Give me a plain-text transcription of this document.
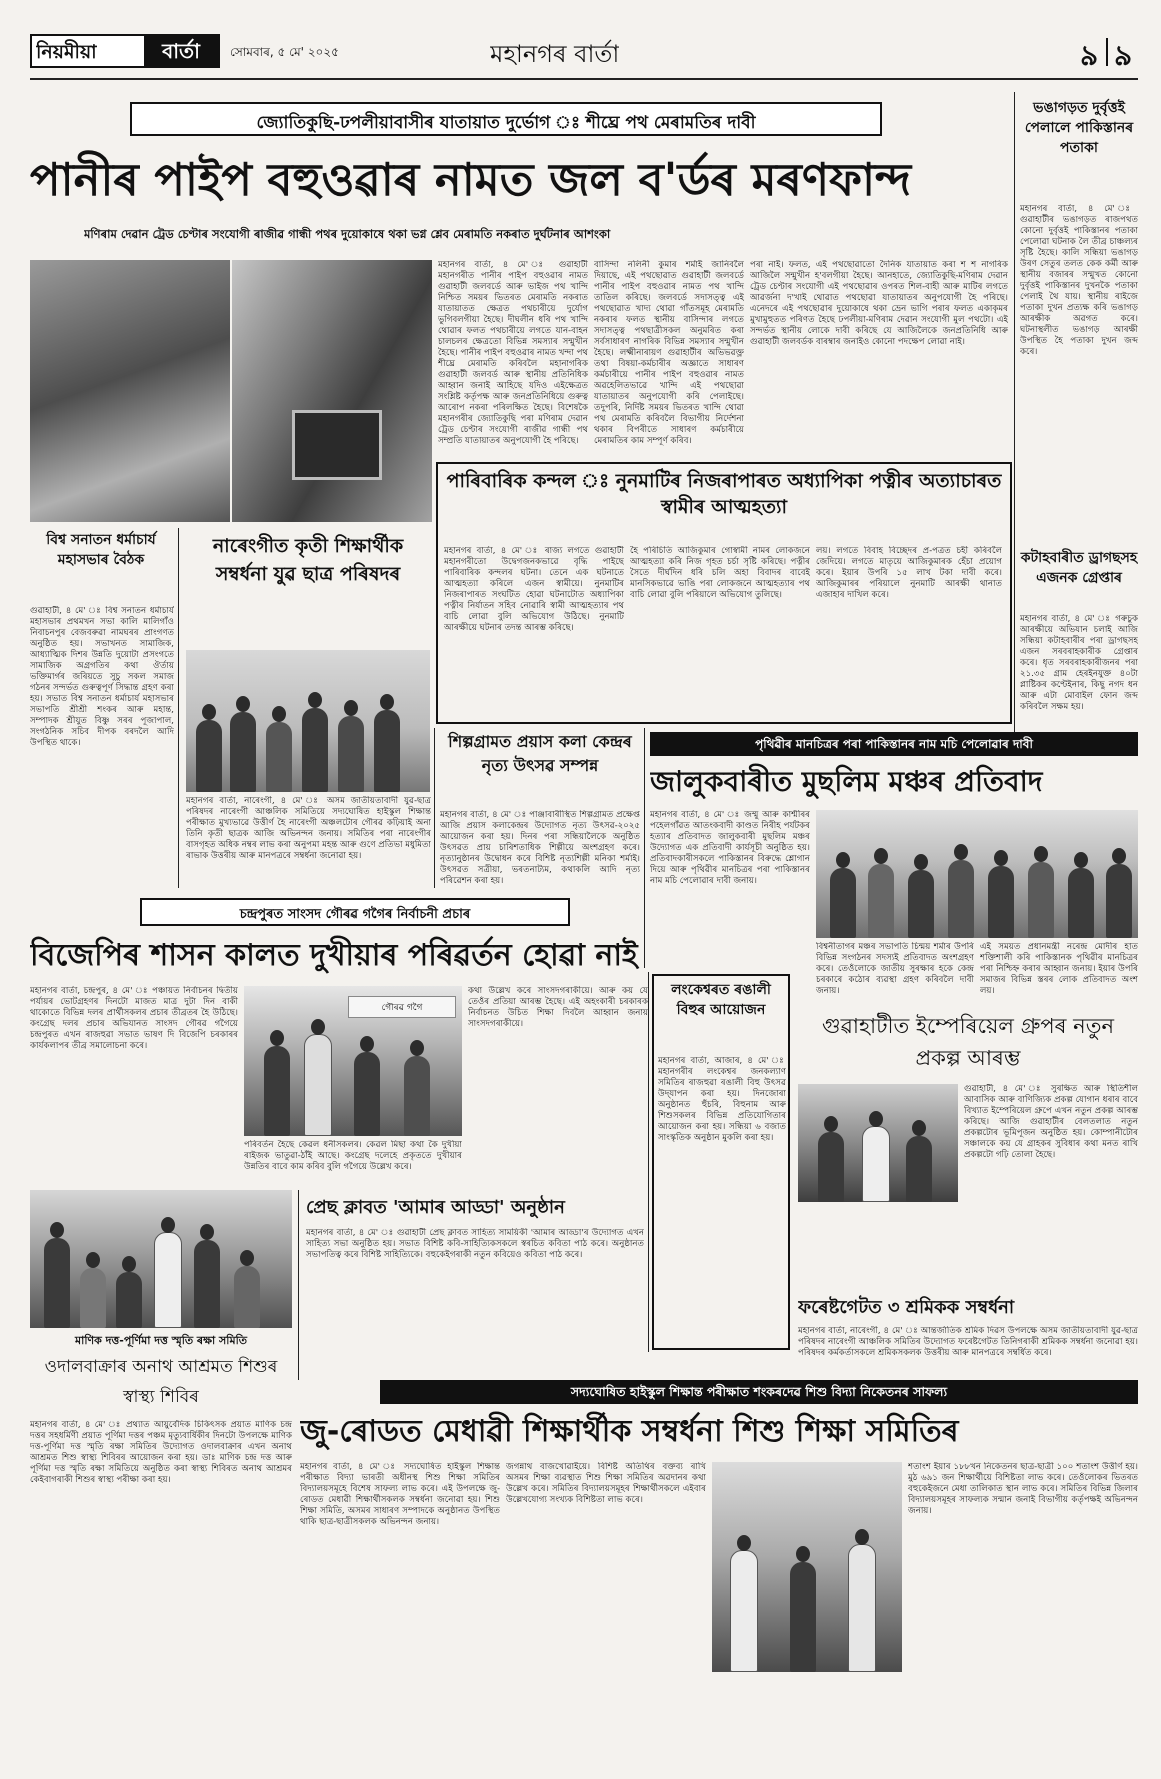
নিয়মীয়া	বাৰ্তা	সোমবাৰ, ৫ মে' ২০২৫	মহানগৰ বাৰ্তা	৯ ৯
জ্যোতিকুছি-ঢপলীয়াবাসীৰ যাতায়াত দুৰ্ভোগ ঃ শীঘ্ৰে পথ মেৰামতিৰ দাবী
পানীৰ পাইপ বহুওৱাৰ নামত জল ব'ৰ্ডৰ মৰণফান্দ
মণিৰাম দেৱান ট্ৰেড চেণ্টাৰ সংযোগী ৰাজীৱ গান্ধী পথৰ দুয়োকাষে থকা ভগ্ন শ্লেব মেৰামতি নকৰাত দুৰ্ঘটনাৰ আশংকা
মহানগৰ বাৰ্তা, ৪ মে' ঃ গুৱাহাটী মহানগৰীত পানীৰ পাইপ বহুওৱাৰ নামত গুৱাহাটী জলবৰ্ডে আৰু ভাইজ পথ খান্দি নিশ্চিত সময়ৰ ভিতৰত মেৰামতি নকৰাত যাতায়াতত ক্ষেত্ৰত পথচাৰীয়ে দুৰ্যোগ ভুগিবলগীয়া হৈছে। দীঘলীন ধৰি পথ খান্দি থোৱাৰ ফলত পথচাৰীয়ে লগতে যান-বাহন চালচলৰ ক্ষেত্ৰতো বিভিন্ন সমস্যাৰ সন্মুখীন হৈছে। পানীৰ পাইপ বহুওৱাৰ নামত খন্দা পথ শীঘ্ৰে মেৰামতি কৰিবলৈ মহানাগৰিক গুৱাহাটী জলবৰ্ড আৰু স্থানীয় প্ৰতিনিধিক আহ্বান জনাই আহিছে যদিও এইক্ষেত্ৰত সংশ্লিষ্ট কৰ্তৃপক্ষ আৰু জনপ্ৰতিনিধিয়ে গুৰুত্ব আৰোপ নকৰা পৰিলক্ষিত হৈছে। বিশেষকৈ মহানগৰীৰ জ্যোতিকুছি পৰা মণিৰাম দেৱান ট্ৰেড চেণ্টাৰ সংযোগী ৰাজীৱ গান্ধী পথ সম্প্ৰতি যাতায়াতৰ অনুপযোগী হৈ পৰিছে।
বাসিন্দা নলিনী কুমাৰ শৰ্মাই জানিবলৈ দিয়াছে, এই পথছোৱাত গুৱাহাটী জলবৰ্ডে পানীৰ পাইপ বহুওৱাৰ নামত পথ খান্দি তাতিল কৰিছে। জলবৰ্ডে সদাসত্ত্ব এই পথছোৱাত খাদ্য থোৱা গাঁতসমূহ মেৰামতি নকৰাৰ ফলত স্থানীয় বাসিন্দাৰ লগতে সদাসত্ত্ব পথছাত্ৰীসকল অনুমৰিত কৰা সৰ্বসাধাৰণ নাগৰিক বিভিন্ন সমস্যাৰ সন্মুখীন হৈছে। লক্ষ্মীনাৰায়ণ গুৱাহাটীৰ অভিভৱক্ত্ৰ তথা বিষয়া-কৰ্মচাৰীৰ অজ্ঞাতে সাধাৰণ কৰ্মচাৰীয়ে পানীৰ পাইপ বহুওৱাৰ নামত অৱহেলিতভাৱে খান্দি এই পথছোৱা যাতায়াতৰ অনুপযোগী কৰি পেলাইছে। তদুপৰি, নিৰ্দিষ্ট সময়ৰ ভিতৰত খান্দি থোৱা পথ মেৰামতি কৰিবলৈ বিভাগীয় নিৰ্দেশনা থকাৰ বিপৰীতে সাধাৰণ কৰ্মচাৰীয়ে মেৰামতিৰ কাম সম্পূৰ্ণ কৰিব।
পৰা নাই। ফলত, এই পথছোৱাতো দৈনিক যাতায়াত কৰা শ শ নাগৰিক আজিলৈ সন্মুখীন হ'বলগীয়া হৈছে। আনহাতে, জ্যোতিকুছি-মণিৰাম দেৱান ট্ৰেড চেণ্টাৰ সংযোগী এই পথছোৱাৰ ওপৰত শিল-বাহী আৰু মাটিৰ লগতে আৱৰ্জনা দ'খাই থোৱাত পথছোৱা যাতায়াতৰ অনুপযোগী হৈ পৰিছে। এনেদৰে এই পথছোৱাৰ দুয়োকাষে থকা ভ্ৰেন ভাগি পৰাৰ ফলত একাকৃমৰ মুখামুহুতত পৰিণত হৈছে ঢপলীয়া-মণিৰাম দেৱান সংযোগী মুল পথটো। এই সন্দৰ্ভত স্থানীয় লোকে দাবী কৰিছে যে আজিলৈকে জনপ্ৰতিনিধি আৰু গুৱাহাটী জলবৰ্ডক বাৰম্বাৰ জনাইও কোনো পদক্ষেপ লোৱা নাই।
ভঙাগড়ত দুৰ্বৃত্তই পেলালে পাকিস্তানৰ পতাকা
মহানগৰ বাৰ্তা, ৪ মে' ঃ গুৱাহাটীৰ ভঙাগড়ত ৰাজপথত কোনো দুৰ্বৃত্তই পাকিস্তানৰ পতাকা পেলোৱা ঘটনাক লৈ তীব্ৰ চাঞ্চল্যৰ সৃষ্টি হৈছে। কালি সন্ধিয়া ভঙাগড় উৰণ সেতুৰ তলত কেক কৰ্মী আৰু স্থানীয় বজাৰৰ সন্মুখত কোনো দুৰ্বৃত্তই পাকিস্তানৰ দুখনকৈ পতাকা পেলাই থৈ যায়। স্থানীয় ৰাইজে পতাকা দুখন প্ৰত্যক্ষ কৰি ভঙাগড় আৰক্ষীক অৱগত কৰে। ঘটনাস্থলীত ভঙাগড় আৰক্ষী উপস্থিত হৈ পতাকা দুখন জব্দ কৰে।
কটাহবাৰীত ড্ৰাগছসহ এজনক গ্ৰেপ্তাৰ
মহানগৰ বাৰ্তা, ৪ মে' ঃ গৰুচুক আৰক্ষীয়ে অভিযান চলাই আজি সন্ধিয়া কটাহবাৰীৰ পৰা ড্ৰাগছসহ এজন সৰবৰাহকাৰীক গ্ৰেপ্তাৰ কৰে। ধৃত সৰবৰাহকাৰীজনৰ পৰা ২১.৩৫ গ্ৰাম হেৰইনযুক্ত ৪০টা প্লাষ্টিকৰ কণ্টেইনাৰ, কিছু নগদ ধন আৰু এটা মোবাইল ফোন জব্দ কৰিবলৈ সক্ষম হয়।
পাৰিবাৰিক কন্দল ঃ নুনমাটিৰ নিজৰাপাৰত অধ্যাপিকা পত্নীৰ অত্যাচাৰত স্বামীৰ আত্মহত্যা
মহানগৰ বাৰ্তা, ৪ মে' ঃ ৰাজ্য লগতে গুৱাহাটী মহানগৰীতো উদ্বেগজনকভাৱে বৃদ্ধি পাইছে পাৰিবাৰিক কন্দলৰ ঘটনা। তেনে এক ঘটনাতে আত্মহত্যা কৰিলে এজন স্বামীয়ে। নুনমাটিৰ নিজৰাপাৰত সংঘটিত হোৱা ঘটনাটোত অধ্যাপিকা পত্নীৰ নিৰ্যাতন সহিব নোৱাৰি স্বামী আত্মহত্যাৰ পথ বাচি লোৱা বুলি অভিযোগ উঠিছে। নুনমাটি আৰক্ষীয়ে ঘটনাৰ তদন্ত আৰম্ভ কৰিছে।
হৈ পৰিচিতি আজিকুমাৰ গোস্বামী নামৰ লোকজনে আত্মহত্যা কৰি নিজ গৃহত চৰ্চা সৃষ্টি কৰিছে। পত্নীৰ সৈতে দীৰ্ঘদিন ধৰি চলি অহা বিবাদৰ বাবেই মানসিকভাৱে ভাঙি পৰা লোকজনে আত্মহত্যাৰ পথ বাচি লোৱা বুলি পৰিয়ালে অভিযোগ তুলিছে।
লয়। লগতে বিবাহ বিচ্ছেদৰ প্ৰ-পত্ৰত চহী কৰিবলৈ জেদিয়ে। লগতে মাতৃয়ে আজিকুমাৰক হেঁচা প্ৰয়োগ কৰে। ইয়াৰ উপৰি ১৫ লাখ টকা দাবী কৰে। আজিকুমাৰৰ পৰিয়ালে নুনমাটি আৰক্ষী থানাত এজাহাৰ দাখিল কৰে।
বিশ্ব সনাতন ধৰ্মাচাৰ্য মহাসভাৰ বৈঠক
গুৱাহাটী, ৪ মে' ঃ বিশ্ব সনাতন ধৰ্মাচাৰ্য মহাসভাৰ প্ৰথমখন সভা কালি মালিগাঁও নিবাচনপুৰ বেজবৰুৱা নামঘৰৰ প্ৰাংগণত অনুষ্ঠিত হয়। সভাখনত সামাজিক, আধ্যাত্মিক দিশৰ উন্নতি দুয়োটা প্ৰসংগতে সামাজিক অগ্ৰগতিৰ কথা ঔৰ্তায় ভক্তিমাৰ্গৰ জৰিয়তে সুচু সকল সমাজ গঠনৰ সন্দৰ্ভত গুৰুত্বপূৰ্ণ সিদ্ধান্ত গ্ৰহণ কৰা হয়। সভাত বিশ্ব সনাতন ধৰ্মাচাৰ্য মহাসভাৰ সভাপতি শ্ৰীশ্ৰী শংকৰ আৰু মহান্ত, সম্পাদক শ্ৰীযুত বিষ্ণু সৰৰ পূজাপাল, সংগঠনিক সচিব দীপক বৰদলৈ আদি উপস্থিত থাকে।
নাৰেংগীত কৃতী শিক্ষাৰ্থীক সম্বৰ্ধনা যুৱ ছাত্ৰ পৰিষদৰ
মহানগৰ বাৰ্তা, নাৰেংগী, ৪ মে' ঃ অসম জাতীয়তাবাদী যুৱ-ছাত্ৰ পৰিষদৰ নাৰেংগী আঞ্চলিক সমিতিয়ে সদ্যঘোষিত হাইস্কুল শিক্ষান্ত পৰীক্ষাত মুখ্যভাৱে উত্তীৰ্ণ হৈ নাৰেংগী অঞ্চলটোৰ গৌৰৱ কঢ়িয়াই অনা তিনি কৃতী ছাত্ৰক আজি অভিনন্দন জনায়। সমিতিৰ পৰা নাৰেংগীৰ বাসগৃহত অধিক নম্বৰ লাভ কৰা অনুপমা মহন্ত আৰু গুণে প্ৰতিভা মধুমিতা ৰাভাক উত্তৰীয় আৰু মানপত্ৰৰে সম্বৰ্ধনা জনোৱা হয়।
শিল্পগ্ৰামত প্ৰয়াস কলা কেন্দ্ৰৰ নৃত্য উৎসৱ সম্পন্ন
মহানগৰ বাৰ্তা, ৪ মে' ঃ পাঞ্জাবাৰীস্থিত শিল্পগ্ৰামত প্ৰক্ষেপ্ত আজি প্ৰয়াস কলাকেন্দ্ৰৰ উদ্যোগত নৃত্য উৎসৱ-২০২৫ আয়োজন কৰা হয়। দিনৰ পৰা সন্ধিয়ালৈকে অনুষ্ঠিত উৎসৱত প্ৰায় চাৰিশতাধিক শিল্পীয়ে অংশগ্ৰহণ কৰে। নৃত্যানুষ্ঠানৰ উদ্বোধন কৰে বিশিষ্ট নৃত্যশিল্পী মনিকা শৰ্মাই। উৎসৱত সত্ৰীয়া, ভৰতনাট্যম, কথাকলি আদি নৃত্য পৰিৱেশন কৰা হয়।
পৃথিৱীৰ মানচিত্ৰৰ পৰা পাকিস্তানৰ নাম মচি পেলোৱাৰ দাবী
জালুকবাৰীত মুছলিম মঞ্চৰ প্ৰতিবাদ
মহানগৰ বাৰ্তা, ৪ মে' ঃ জম্মু আৰু কাশ্মীৰৰ পহেলগাঁৱত আতংকবাদী কাণ্ডত নিৰীহ পৰ্যটকৰ হত্যাৰ প্ৰতিবাদত জালুকবাৰী মুছলিম মঞ্চৰ উদ্যোগত এক প্ৰতিবাদী কাৰ্যসূচী অনুষ্ঠিত হয়। প্ৰতিবাদকাৰীসকলে পাকিস্তানৰ বিৰুদ্ধে শ্লোগান দিয়ে আৰু পৃথিৱীৰ মানচিত্ৰৰ পৰা পাকিস্তানৰ নাম মচি পেলোৱাৰ দাবী জনায়।
বিশ্বনীতাগৰ মঞ্চৰ সভাপতি চিন্ময় শৰ্মাৰ উপৰি বিভিন্ন সংগঠনৰ সদস্যই প্ৰতিবাদত অংশগ্ৰহণ কৰে। তেওঁলোকে জাতীয় সুৰক্ষাৰ হকে কেন্দ্ৰ চৰকাৰে কঠোৰ ব্যৱস্থা গ্ৰহণ কৰিবলৈ দাবী জনায়।
এই সময়ত প্ৰধানমন্ত্ৰী নৰেন্দ্ৰ মোদীৰ হাত শক্তিশালী কৰি পাকিস্তানক পৃথিৱীৰ মানচিত্ৰৰ পৰা নিশ্চিহ্ন কৰাৰ আহ্বান জনায়। ইয়াৰ উপৰি সমাজৰ বিভিন্ন স্তৰৰ লোক প্ৰতিবাদত অংশ লয়।
চন্দ্ৰপুৰত সাংসদ গৌৰৱ গগৈৰ নিৰ্বাচনী প্ৰচাৰ
বিজেপিৰ শাসন কালত দুখীয়াৰ পৰিৱৰ্তন হোৱা নাই
মহানগৰ বাৰ্তা, চন্দ্ৰপুৰ, ৪ মে' ঃ পঞ্চায়ত নিৰ্বাচনৰ দ্বিতীয় পৰ্যায়ৰ ভোটগ্ৰহণৰ দিনটো মাজত মাত্ৰ দুটা দিন বাকী থাকোতে বিভিন্ন দলৰ প্ৰাৰ্থীসকলৰ প্ৰচাৰ তীব্ৰতৰ হৈ উঠিছে। কংগ্ৰেছ দলৰ প্ৰচাৰ অভিযানত সাংসদ গৌৰৱ গগৈয়ে চন্দ্ৰপুৰত এখন ৰাজহুৱা সভাত ভাষণ দি বিজেপি চৰকাৰৰ কাৰ্যকলাপৰ তীব্ৰ সমালোচনা কৰে।
গৌৰৱ গগৈ
পৰিবৰ্তন হৈছে কেৱল ধনীসকলৰ। কেৱল মিছা কথা কৈ দুখীয়া ৰাইজক ভাতুৱা-ঠাঁই আছে। কংগ্ৰেছ দলেহে প্ৰকৃততে দুখীয়াৰ উন্নতিৰ বাবে কাম কৰিব বুলি গগৈয়ে উল্লেখ কৰে।
কথা উল্লেখ কৰে সাংসদগৰাকীয়ে। আৰু কয় যে তেওঁৰ প্ৰতিয়া আৰম্ভ হৈছে। এই অহংকাৰী চৰকাৰক নিৰ্বাচনত উচিত শিক্ষা দিবলৈ আহ্বান জনায় সাংসদগৰাকীয়ে।
লংকেশ্বৰত ৰঙালী বিহুৰ আয়োজন
মহানগৰ বাৰ্তা, আজাৰ, ৪ মে' ঃ মহানগৰীৰ লংকেশ্বৰ জনকল্যাণ সমিতিৰ ৰাজহুৱা ৰঙালী বিহু উৎসৱ উদ্‌যাপন কৰা হয়। দিনজোৰা অনুষ্ঠানত হুঁচৰি, বিহুনাম আৰু শিশুসকলৰ বিভিন্ন প্ৰতিযোগিতাৰ আয়োজন কৰা হয়। সন্ধিয়া ৬ বজাত সাংস্কৃতিক অনুষ্ঠান মুকলি কৰা হয়।
গুৱাহাটীত ইম্পেৰিয়েল গ্ৰুপৰ নতুন প্ৰকল্প আৰম্ভ
গুৱাহাটী, ৪ মে' ঃ সুৰক্ষিত আৰু স্থিতিশীল আবাসিক আৰু বাণিজ্যিক প্ৰকল্প যোগান ধৰাৰ বাবে বিখ্যাত ইম্পেৰিয়েল গ্ৰুপে এখন নতুন প্ৰকল্প আৰম্ভ কৰিছে। আজি গুৱাহাটীৰ বেলতলাত নতুন প্ৰকল্পটোৰ ভূমিপূজন অনুষ্ঠিত হয়। কোম্পানীটোৰ সঞ্চালকে কয় যে গ্ৰাহকৰ সুবিধাৰ কথা মনত ৰাখি প্ৰকল্পটো গঢ়ি তোলা হৈছে।
ফৰেষ্টগেটত ৩ শ্ৰমিকক সম্বৰ্ধনা
মহানগৰ বাৰ্তা, নাৰেংগী, ৪ মে' ঃ আন্তৰ্জাতিক শ্ৰমিক দিৱস উপলক্ষে অসম জাতীয়তাবাদী যুৱ-ছাত্ৰ পৰিষদৰ নাৰেংগী আঞ্চলিক সমিতিৰ উদ্যোগত ফৰেষ্টগেটত তিনিগৰাকী শ্ৰমিকক সম্বৰ্ধনা জনোৱা হয়। পৰিষদৰ কৰ্মকৰ্তাসকলে শ্ৰমিকসকলক উত্তৰীয় আৰু মানপত্ৰৰে সম্বৰ্ধিত কৰে।
মাণিক দত্ত-পূৰ্ণিমা দত্ত স্মৃতি ৰক্ষা সমিতি
ওদালবাক্ৰাৰ অনাথ আশ্ৰমত শিশুৰ স্বাস্থ্য শিবিৰ
মহানগৰ বাৰ্তা, ৪ মে' ঃ প্ৰথ্যাত আয়ুৰ্বেদিক চিকিৎসক প্ৰয়াত মাণিক চন্দ্ৰ দত্তৰ সহধৰ্মিণী প্ৰয়াত পূৰ্ণিমা দত্তৰ পঞ্চম মৃত্যুবাৰ্ষিকীৰ দিনটো উপলক্ষে মাণিক দত্ত-পূৰ্ণিমা দত্ত স্মৃতি ৰক্ষা সমিতিৰ উদ্যোগত ওদালবাক্ৰাৰ এখন অনাথ আশ্ৰমত শিশু স্বাস্থ্য শিবিৰৰ আয়োজন কৰা হয়। ডাঃ মাণিক চন্দ্ৰ দত্ত আৰু পূৰ্ণিমা দত্ত স্মৃতি ৰক্ষা সমিতিয়ে অনুষ্ঠিত কৰা স্বাস্থ্য শিবিৰত অনাথ আশ্ৰমৰ কেইবাগৰাকী শিশুৰ স্বাস্থ্য পৰীক্ষা কৰা হয়।
প্ৰেছ ক্লাবত 'আমাৰ আড্ডা' অনুষ্ঠান
মহানগৰ বাৰ্তা, ৪ মে' ঃ গুৱাহাটী প্ৰেছ ক্লাবত সাহিত্য সাময়িকী 'আমাৰ আড্ডা'ৰ উদ্যোগত এখন সাহিত্য সভা অনুষ্ঠিত হয়। সভাত বিশিষ্ট কবি-সাহিত্যিকসকলে স্বৰচিত কবিতা পাঠ কৰে। অনুষ্ঠানত সভাপতিত্ব কৰে বিশিষ্ট সাহিত্যিকে। বহুকেইগৰাকী নতুন কবিয়েও কবিতা পাঠ কৰে।
সদ্যঘোষিত হাইস্কুল শিক্ষান্ত পৰীক্ষাত শংকৰদেৱ শিশু বিদ্যা নিকেতনৰ সাফল্য
জু-ৰোডত মেধাৱী শিক্ষাৰ্থীক সম্বৰ্ধনা শিশু শিক্ষা সমিতিৰ
মহানগৰ বাৰ্তা, ৪ মে' ঃ সদ্যঘোষিত হাইস্কুল শিক্ষান্ত পৰীক্ষাত বিদ্যা ভাৰতী অধীনস্থ শিশু শিক্ষা সমিতিৰ বিদ্যালয়সমূহে বিশেষ সাফল্য লাভ কৰে। এই উপলক্ষে জু-ৰোডত মেধাৱী শিক্ষাৰ্থীসকলক সম্বৰ্ধনা জনোৱা হয়। শিশু শিক্ষা সমিতি, অসমৰ সাধাৰণ সম্পাদকে অনুষ্ঠানত উপস্থিত থাকি ছাত্ৰ-ছাত্ৰীসকলক অভিনন্দন জনায়।
জগন্নাথ বাজখোৱাইয়ে। বিশিষ্ট অতিথিৰ বক্তব্য ৰাখি অসমৰ শিক্ষা ব্যৱস্থাত শিশু শিক্ষা সমিতিৰ অৱদানৰ কথা উল্লেখ কৰে। সমিতিৰ বিদ্যালয়সমূহৰ শিক্ষাৰ্থীসকলে এইবাৰ উল্লেখযোগ্য সংখ্যক বিশিষ্টতা লাভ কৰে।
শতাংশ ইয়াৰ ১৮৮খন নিকেতনৰ ছাত্ৰ-ছাত্ৰী ১০০ শতাংশ উত্তীৰ্ণ হয়। মুঠ ৬৯১ জন শিক্ষাৰ্থীয়ে বিশিষ্টতা লাভ কৰে। তেওঁলোকৰ ভিতৰত বহুকেইজনে মেধা তালিকাত স্থান লাভ কৰে। সমিতিৰ বিভিন্ন জিলাৰ বিদ্যালয়সমূহৰ সাফল্যক সন্মান জনাই বিভাগীয় কৰ্তৃপক্ষই অভিনন্দন জনায়।
